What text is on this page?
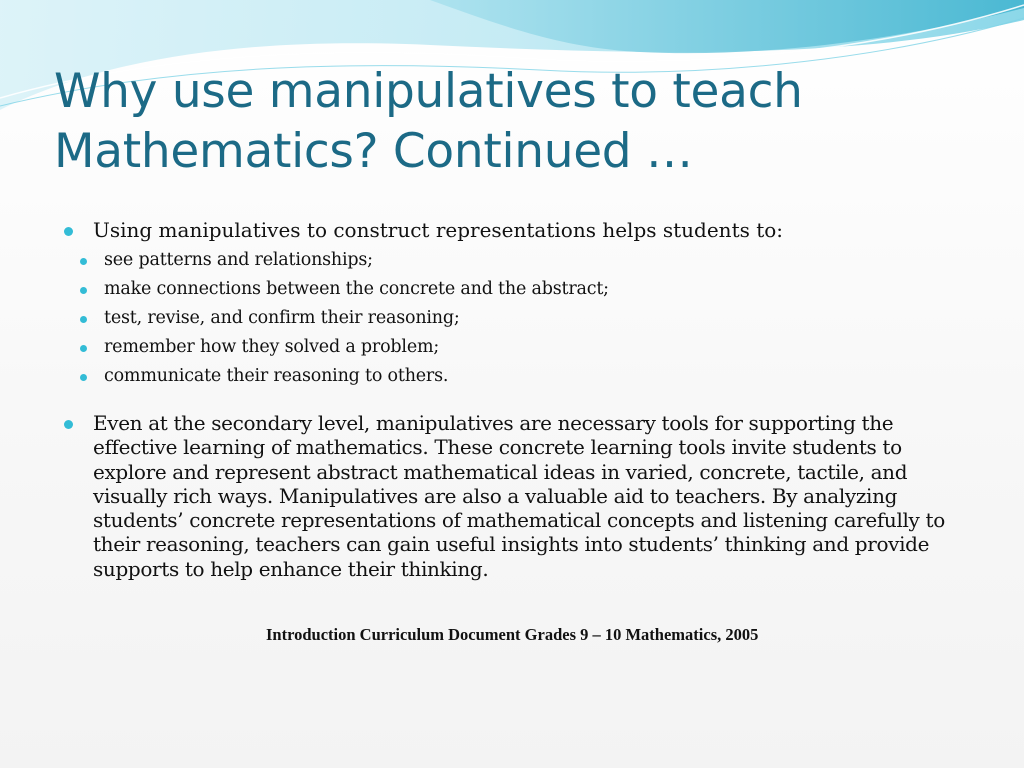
Why use manipulatives to teach Mathematics? Continued …

Using manipulatives to construct representations helps students to:

see patterns and relationships;
make connections between the concrete and the abstract;
test, revise, and confirm their reasoning;
remember how they solved a problem;
communicate their reasoning to others.

Even at the secondary level, manipulatives are necessary tools for supporting the effective learning of mathematics. These concrete learning tools invite students to explore and represent abstract mathematical ideas in varied, concrete, tactile, and visually rich ways. Manipulatives are also a valuable aid to teachers. By analyzing students’ concrete representations of mathematical concepts and listening carefully to their reasoning, teachers can gain useful insights into students’ thinking and provide supports to help enhance their thinking.

Introduction Curriculum Document Grades 9 – 10 Mathematics, 2005
